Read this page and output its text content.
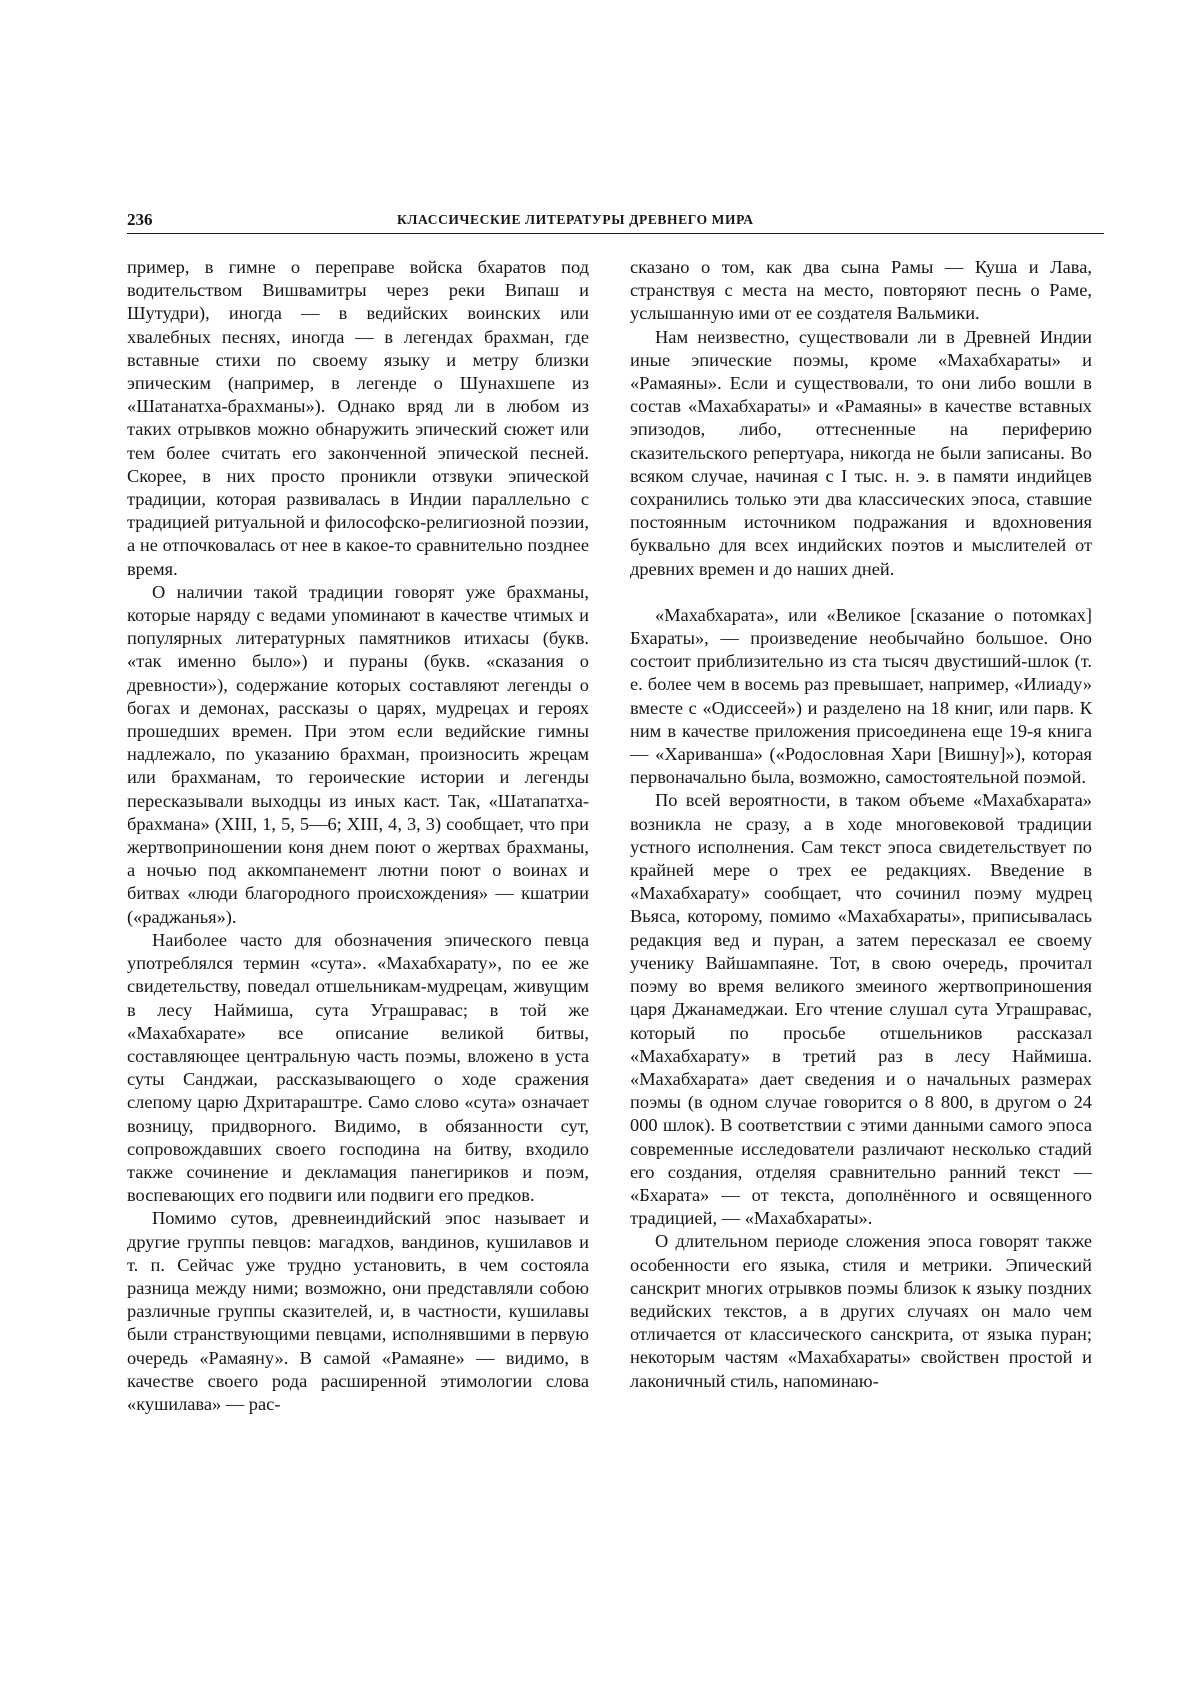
236	КЛАССИЧЕСКИЕ ЛИТЕРАТУРЫ ДРЕВНЕГО МИРА

пример, в гимне о переправе войска бхаратов под водительством Вишвамитры через реки Випаш и Шутудри), иногда — в ведийских воинских или хвалебных песнях, иногда — в легендах брахман, где вставные стихи по своему языку и метру близки эпическим (например, в легенде о Шунахшепе из «Шатанатха-брахманы»). Однако вряд ли в любом из таких отрывков можно обнаружить эпический сюжет или тем более считать его законченной эпической песней. Скорее, в них просто проникли отзвуки эпической традиции, которая развивалась в Индии параллельно с традицией ритуальной и философско-религиозной поэзии, а не отпочковалась от нее в какое-то сравнительно позднее время.

О наличии такой традиции говорят уже брахманы, которые наряду с ведами упоминают в качестве чтимых и популярных литературных памятников итихасы (букв. «так именно было») и пураны (букв. «сказания о древности»), содержание которых составляют легенды о богах и демонах, рассказы о царях, мудрецах и героях прошедших времен. При этом если ведийские гимны надлежало, по указанию брахман, произносить жрецам или брахманам, то героические истории и легенды пересказывали выходцы из иных каст. Так, «Шатапатха-брахмана» (XIII, 1, 5, 5—6; XIII, 4, 3, 3) сообщает, что при жертвоприношении коня днем поют о жертвах брахманы, а ночью под аккомпанемент лютни поют о воинах и битвах «люди благородного происхождения» — кшатрии («раджанья»).

Наиболее часто для обозначения эпического певца употреблялся термин «сута». «Махабхарату», по ее же свидетельству, поведал отшельникам-мудрецам, живущим в лесу Наймиша, сута Уграшравас; в той же «Махабхарате» все описание великой битвы, составляющее центральную часть поэмы, вложено в уста суты Санджаи, рассказывающего о ходе сражения слепому царю Дхритараштре. Само слово «сута» означает возницу, придворного. Видимо, в обязанности сут, сопровождавших своего господина на битву, входило также сочинение и декламация панегириков и поэм, воспевающих его подвиги или подвиги его предков.

Помимо сутов, древнеиндийский эпос называет и другие группы певцов: магадхов, вандинов, кушилавов и т. п. Сейчас уже трудно установить, в чем состояла разница между ними; возможно, они представляли собою различные группы сказителей, и, в частности, кушилавы были странствующими певцами, исполнявшими в первую очередь «Рамаяну». В самой «Рамаяне» — видимо, в качестве своего рода расширенной этимологии слова «кушилава» — рас-

сказано о том, как два сына Рамы — Куша и Лава, странствуя с места на место, повторяют песнь о Раме, услышанную ими от ее создателя Вальмики.

Нам неизвестно, существовали ли в Древней Индии иные эпические поэмы, кроме «Махабхараты» и «Рамаяны». Если и существовали, то они либо вошли в состав «Махабхараты» и «Рамаяны» в качестве вставных эпизодов, либо, оттесненные на периферию сказительского репертуара, никогда не были записаны. Во всяком случае, начиная с I тыс. н. э. в памяти индийцев сохранились только эти два классических эпоса, ставшие постоянным источником подражания и вдохновения буквально для всех индийских поэтов и мыслителей от древних времен и до наших дней.

«Махабхарата», или «Великое [сказание о потомках] Бхараты», — произведение необычайно большое. Оно состоит приблизительно из ста тысяч двустиший-шлок (т. е. более чем в восемь раз превышает, например, «Илиаду» вместе с «Одиссеей») и разделено на 18 книг, или парв. К ним в качестве приложения присоединена еще 19-я книга — «Хариванша» («Родословная Хари [Вишну]»), которая первоначально была, возможно, самостоятельной поэмой.

По всей вероятности, в таком объеме «Махабхарата» возникла не сразу, а в ходе многовековой традиции устного исполнения. Сам текст эпоса свидетельствует по крайней мере о трех ее редакциях. Введение в «Махабхарату» сообщает, что сочинил поэму мудрец Вьяса, которому, помимо «Махабхараты», приписывалась редакция вед и пуран, а затем пересказал ее своему ученику Вайшампаяне. Тот, в свою очередь, прочитал поэму во время великого змеиного жертвоприношения царя Джанамеджаи. Его чтение слушал сута Уграшравас, который по просьбе отшельников рассказал «Махабхарату» в третий раз в лесу Наймиша. «Махабхарата» дает сведения и о начальных размерах поэмы (в одном случае говорится о 8 800, в другом о 24 000 шлок). В соответствии с этими данными самого эпоса современные исследователи различают несколько стадий его создания, отделяя сравнительно ранний текст — «Бхарата» — от текста, дополнённого и освященного традицией, — «Махабхараты».

О длительном периоде сложения эпоса говорят также особенности его языка, стиля и метрики. Эпический санскрит многих отрывков поэмы близок к языку поздних ведийских текстов, а в других случаях он мало чем отличается от классического санскрита, от языка пуран; некоторым частям «Махабхараты» свойствен простой и лаконичный стиль, напоминаю-
